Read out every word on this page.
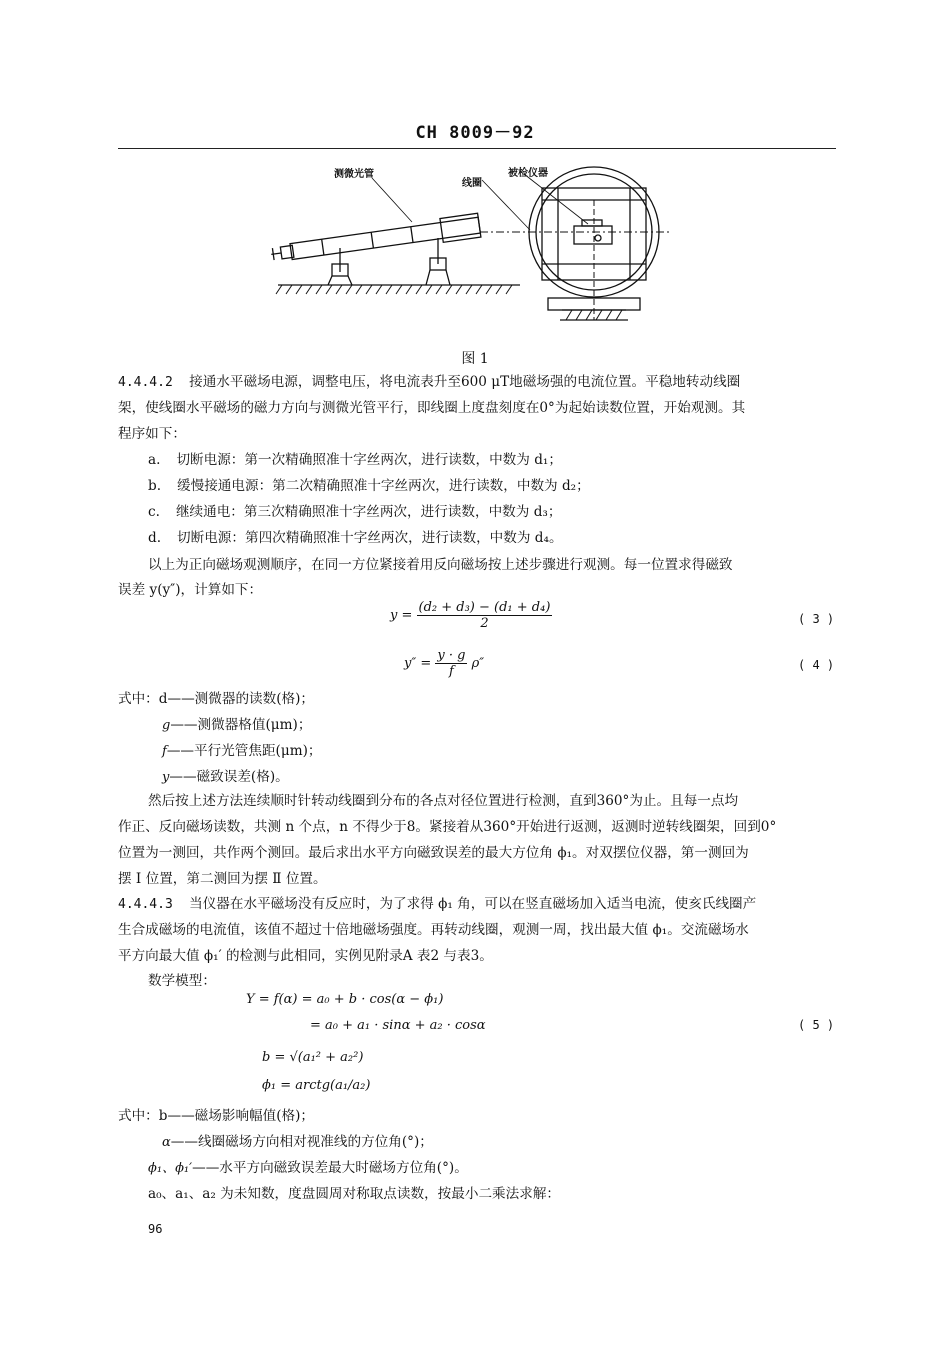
CH 8009－92
测微光管
线圈
被检仪器
图 1
4.4.4.2 接通水平磁场电源，调整电压，将电流表升至600 μT地磁场强的电流位置。平稳地转动线圈
架，使线圈水平磁场的磁力方向与测微光管平行，即线圈上度盘刻度在0°为起始读数位置，开始观测。其
程序如下：
a. 切断电源：第一次精确照准十字丝两次，进行读数，中数为 d₁；
b. 缓慢接通电源：第二次精确照准十字丝两次，进行读数，中数为 d₂；
c. 继续通电：第三次精确照准十字丝两次，进行读数，中数为 d₃；
d. 切断电源：第四次精确照准十字丝两次，进行读数，中数为 d₄。
以上为正向磁场观测顺序，在同一方位紧接着用反向磁场按上述步骤进行观测。每一位置求得磁致
误差 y(y″)，计算如下：
$y = \frac{\text{(d₂ + d₃) − (d₁ + d₄)}}{2}$	( 3 )
$y'' = \frac{y \cdot g}{f} \rho''$	( 4 )
式中：d——测微器的读数(格)；
g——测微器格值(μm)；
f——平行光管焦距(μm)；
y——磁致误差(格)。
然后按上述方法连续顺时针转动线圈到分布的各点对径位置进行检测，直到360°为止。且每一点均
作正、反向磁场读数，共测 n 个点，n 不得少于8。紧接着从360°开始进行返测，返测时逆转线圈架，回到0°
位置为一测回，共作两个测回。最后求出水平方向磁致误差的最大方位角 ϕ₁。对双摆位仪器，第一测回为
摆 Ⅰ 位置，第二测回为摆 Ⅱ 位置。
4.4.4.3 当仪器在水平磁场没有反应时，为了求得 ϕ₁ 角，可以在竖直磁场加入适当电流，使亥氏线圈产
生合成磁场的电流值，该值不超过十倍地磁场强度。再转动线圈，观测一周，找出最大值 ϕ₁。交流磁场水
平方向最大值 ϕ₁′ 的检测与此相同，实例见附录A 表2 与表3。
数学模型：
Y = f(α) = a₀ + b · cos(α − ϕ₁)
= a₀ + a₁ · sinα + a₂ · cosα	( 5 )
b = √(a₁² + a₂²)
ϕ₁ = arctg(a₁/a₂)
式中：b——磁场影响幅值(格)；
α——线圈磁场方向相对视准线的方位角(°)；
ϕ₁、ϕ₁′——水平方向磁致误差最大时磁场方位角(°)。
a₀、a₁、a₂ 为未知数，度盘圆周对称取点读数，按最小二乘法求解：
96
